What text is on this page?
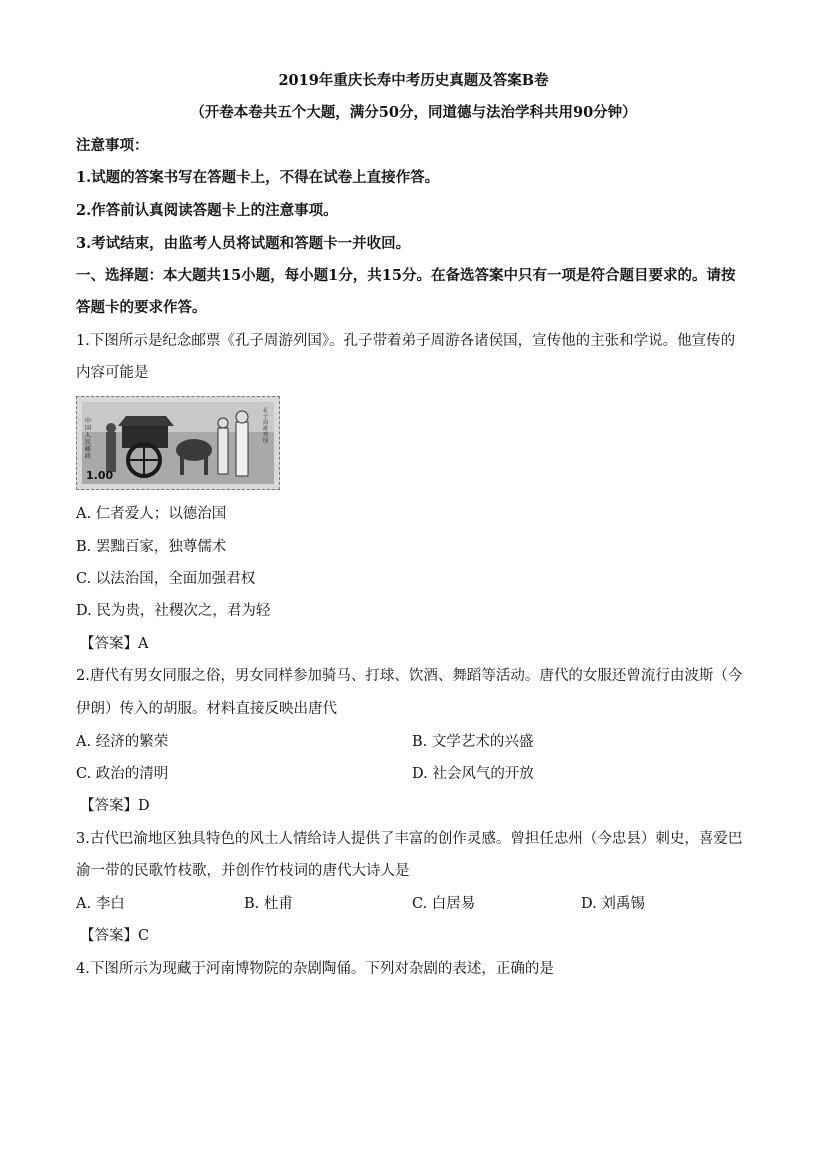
2019年重庆长寿中考历史真题及答案B卷
（开卷本卷共五个大题，满分50分，同道德与法治学科共用90分钟）
注意事项：
1.试题的答案书写在答题卡上，不得在试卷上直接作答。
2.作答前认真阅读答题卡上的注意事项。
3.考试结束，由监考人员将试题和答题卡一并收回。
一、选择题：本大题共15小题，每小题1分，共15分。在备选答案中只有一项是符合题目要求的。请按
答题卡的要求作答。
1.下图所示是纪念邮票《孔子周游列国》。孔子带着弟子周游各诸侯国，宣传他的主张和学说。他宣传的
内容可能是
1.00
中国人民邮政
孔子周游列国
A. 仁者爱人；以德治国
B. 罢黜百家，独尊儒术
C. 以法治国，全面加强君权
D. 民为贵，社稷次之，君为轻
【答案】A
2.唐代有男女同服之俗，男女同样参加骑马、打球、饮酒、舞蹈等活动。唐代的女服还曾流行由波斯（今
伊朗）传入的胡服。材料直接反映出唐代
A. 经济的繁荣	B. 文学艺术的兴盛
C. 政治的清明	D. 社会风气的开放
【答案】D
3.古代巴渝地区独具特色的风土人情给诗人提供了丰富的创作灵感。曾担任忠州（今忠县）刺史，喜爱巴
渝一带的民歌竹枝歌，并创作竹枝词的唐代大诗人是
A. 李白	B. 杜甫	C. 白居易	D. 刘禹锡
【答案】C
4.下图所示为现藏于河南博物院的杂剧陶俑。下列对杂剧的表述，正确的是
